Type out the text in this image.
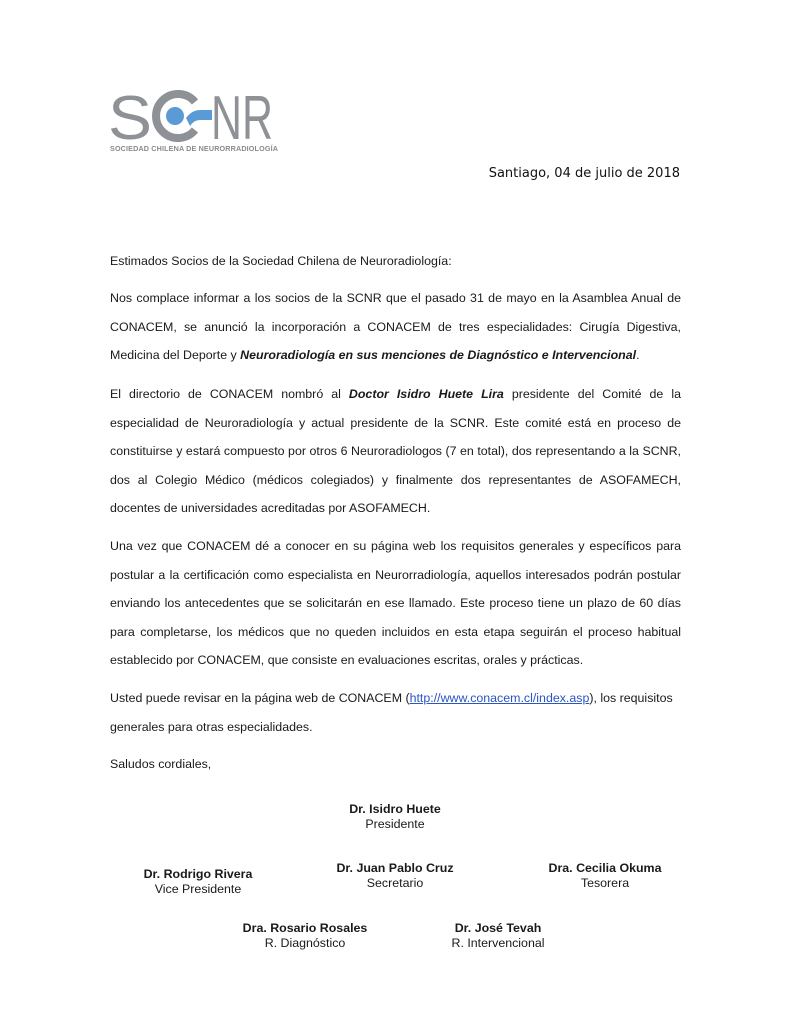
S NR
SOCIEDAD CHILENA DE NEURORRADIOLOGÍA
Santiago, 04 de julio de 2018

Estimados Socios de la Sociedad Chilena de Neuroradiología:

Nos complace informar a los socios de la SCNR que el pasado 31 de mayo en la Asamblea Anual de CONACEM, se anunció la incorporación a CONACEM de tres especialidades: Cirugía Digestiva, Medicina del Deporte y Neuroradiología en sus menciones de Diagnóstico e Intervencional.

El directorio de CONACEM nombró al Doctor Isidro Huete Lira presidente del Comité de la especialidad de Neuroradiología y actual presidente de la SCNR. Este comité está en proceso de constituirse y estará compuesto por otros 6 Neuroradiologos (7 en total), dos representando a la SCNR, dos al Colegio Médico (médicos colegiados) y finalmente dos representantes de ASOFAMECH, docentes de universidades acreditadas por ASOFAMECH.

Una vez que CONACEM dé a conocer en su página web los requisitos generales y específicos para postular a la certificación como especialista en Neurorradiología, aquellos interesados podrán postular enviando los antecedentes que se solicitarán en ese llamado. Este proceso tiene un plazo de 60 días para completarse, los médicos que no queden incluidos en esta etapa seguirán el proceso habitual establecido por CONACEM, que consiste en evaluaciones escritas, orales y prácticas.

Usted puede revisar en la página web de CONACEM (http://www.conacem.cl/index.asp), los requisitos generales para otras especialidades.

Saludos cordiales,

Dr. Isidro Huete
Presidente
Dr. Rodrigo Rivera
Vice Presidente
Dr. Juan Pablo Cruz
Secretario
Dra. Cecilia Okuma
Tesorera
Dra. Rosario Rosales
R. Diagnóstico
Dr. José Tevah
R. Intervencional
